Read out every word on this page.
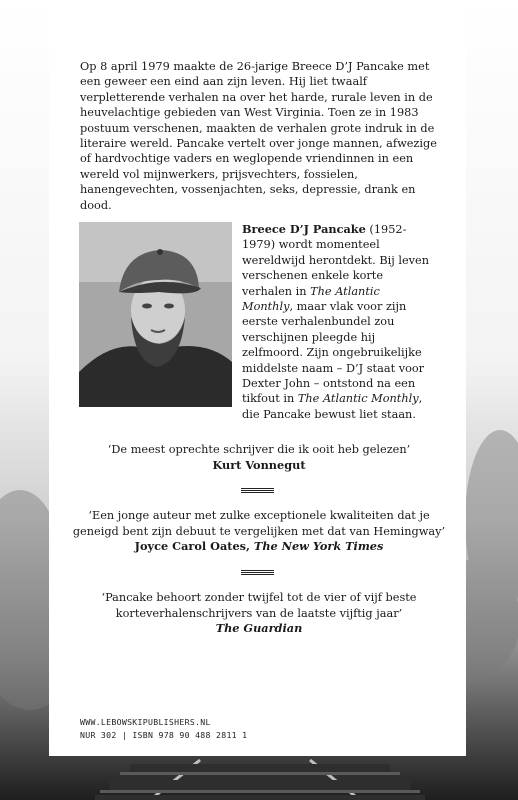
Op 8 april 1979 maakte de 26-jarige Breece D’J Pancake met een geweer een eind aan zijn leven. Hij liet twaalf verpletterende verhalen na over het harde, rurale leven in de heuvelachtige gebieden van West Virginia. Toen ze in 1983 postuum verschenen, maakten de verhalen grote indruk in de literaire wereld. Pancake vertelt over jonge mannen, afwezige of hardvochtige vaders en weglopende vriendinnen in een wereld vol mijnwerkers, prijsvechters, fossielen, hanengevechten, vossenjachten, seks, depressie, drank en dood.

Breece D’J Pancake (1952-1979) wordt momenteel wereldwijd herontdekt. Bij leven verschenen enkele korte verhalen in The Atlantic Monthly, maar vlak voor zijn eerste verhalenbundel zou verschijnen pleegde hij zelfmoord. Zijn ongebruikelijke middelste naam – D’J staat voor Dexter John – ontstond na een tikfout in The Atlantic Monthly, die Pancake bewust liet staan.
‘De meest oprechte schrijver die ik ooit heb gelezen’
Kurt Vonnegut
‘Een jonge auteur met zulke exceptionele kwaliteiten dat je geneigd bent zijn debuut te vergelijken met dat van Hemingway’
Joyce Carol Oates, The New York Times
‘Pancake behoort zonder twijfel tot de vier of vijf beste korteverhalenschrijvers van de laatste vijftig jaar’
The Guardian
WWW.LEBOWSKIPUBLISHERS.NL
NUR 302 | ISBN 978 90 488 2811 1
